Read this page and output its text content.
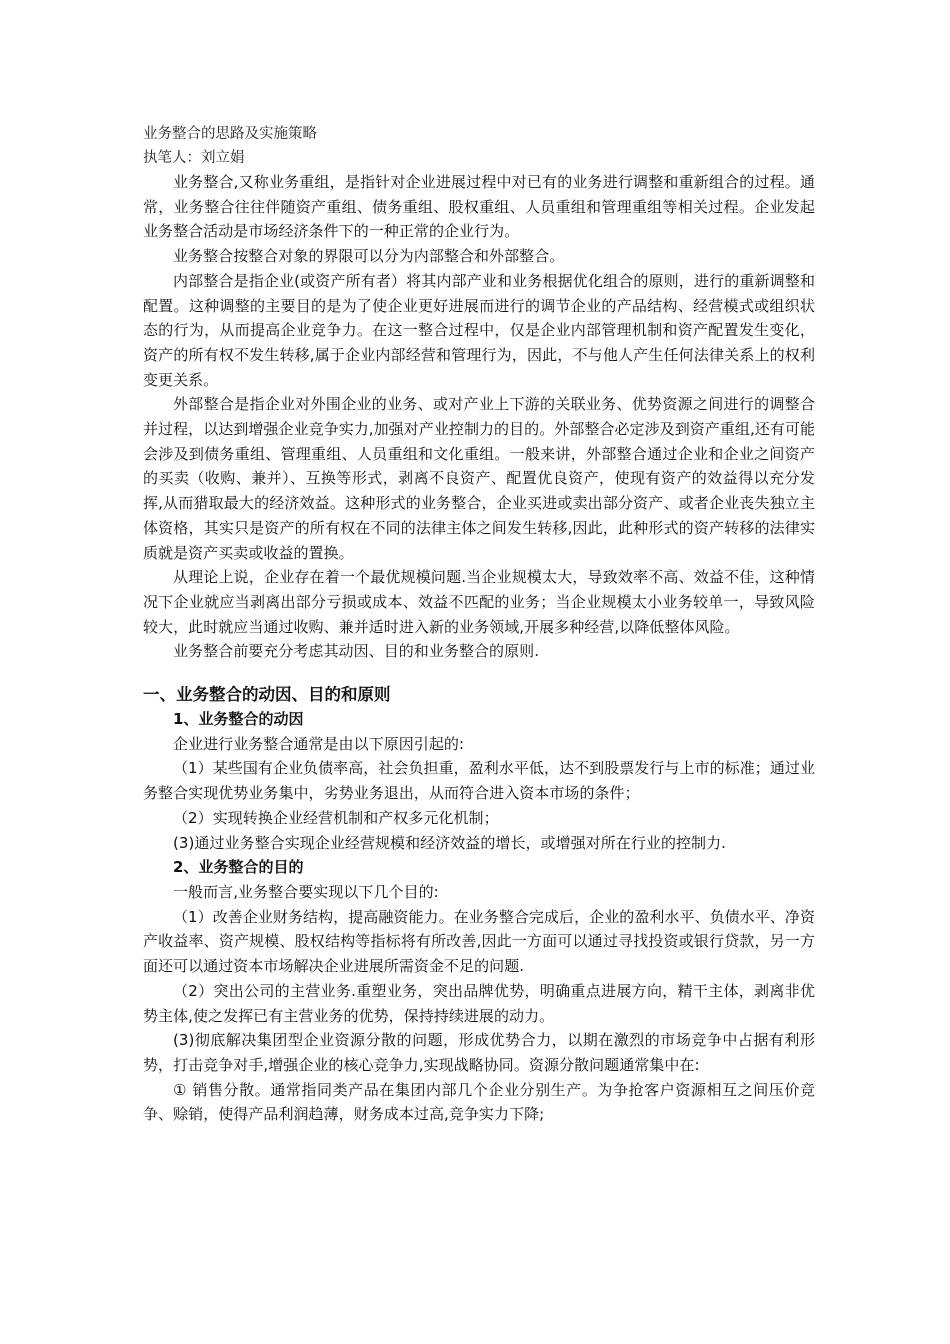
业务整合的思路及实施策略
执笔人：刘立娟

业务整合,又称业务重组，是指针对企业进展过程中对已有的业务进行调整和重新组合的过程。通常，业务整合往往伴随资产重组、债务重组、股权重组、人员重组和管理重组等相关过程。企业发起业务整合活动是市场经济条件下的一种正常的企业行为。

业务整合按整合对象的界限可以分为内部整合和外部整合。

内部整合是指企业(或资产所有者）将其内部产业和业务根据优化组合的原则，进行的重新调整和配置。这种调整的主要目的是为了使企业更好进展而进行的调节企业的产品结构、经营模式或组织状态的行为，从而提高企业竞争力。在这一整合过程中，仅是企业内部管理机制和资产配置发生变化，资产的所有权不发生转移,属于企业内部经营和管理行为，因此，不与他人产生任何法律关系上的权利变更关系。

外部整合是指企业对外围企业的业务、或对产业上下游的关联业务、优势资源之间进行的调整合并过程，以达到增强企业竞争实力,加强对产业控制力的目的。外部整合必定涉及到资产重组,还有可能会涉及到债务重组、管理重组、人员重组和文化重组。一般来讲，外部整合通过企业和企业之间资产的买卖（收购、兼并）、互换等形式，剥离不良资产、配置优良资产，使现有资产的效益得以充分发挥,从而猎取最大的经济效益。这种形式的业务整合，企业买进或卖出部分资产、或者企业丧失独立主体资格，其实只是资产的所有权在不同的法律主体之间发生转移,因此，此种形式的资产转移的法律实质就是资产买卖或收益的置换。

从理论上说，企业存在着一个最优规模问题.当企业规模太大，导致效率不高、效益不佳，这种情况下企业就应当剥离出部分亏损或成本、效益不匹配的业务；当企业规模太小业务较单一，导致风险较大，此时就应当通过收购、兼并适时进入新的业务领域,开展多种经营,以降低整体风险。

业务整合前要充分考虑其动因、目的和业务整合的原则.

一、业务整合的动因、目的和原则
1、业务整合的动因

企业进行业务整合通常是由以下原因引起的:

（1）某些国有企业负债率高，社会负担重，盈利水平低，达不到股票发行与上市的标准；通过业务整合实现优势业务集中，劣势业务退出，从而符合进入资本市场的条件；

（2）实现转换企业经营机制和产权多元化机制；

(3)通过业务整合实现企业经营规模和经济效益的增长，或增强对所在行业的控制力.

2、业务整合的目的

一般而言,业务整合要实现以下几个目的:

（1）改善企业财务结构，提高融资能力。在业务整合完成后，企业的盈利水平、负债水平、净资产收益率、资产规模、股权结构等指标将有所改善,因此一方面可以通过寻找投资或银行贷款，另一方面还可以通过资本市场解决企业进展所需资金不足的问题.

（2）突出公司的主营业务.重塑业务，突出品牌优势，明确重点进展方向，精干主体，剥离非优势主体,使之发挥已有主营业务的优势，保持持续进展的动力。

(3)彻底解决集团型企业资源分散的问题，形成优势合力，以期在激烈的市场竞争中占据有利形势，打击竞争对手,增强企业的核心竞争力,实现战略协同。资源分散问题通常集中在:

① 销售分散。通常指同类产品在集团内部几个企业分别生产。为争抢客户资源相互之间压价竞争、赊销，使得产品利润趋薄，财务成本过高,竞争实力下降;
